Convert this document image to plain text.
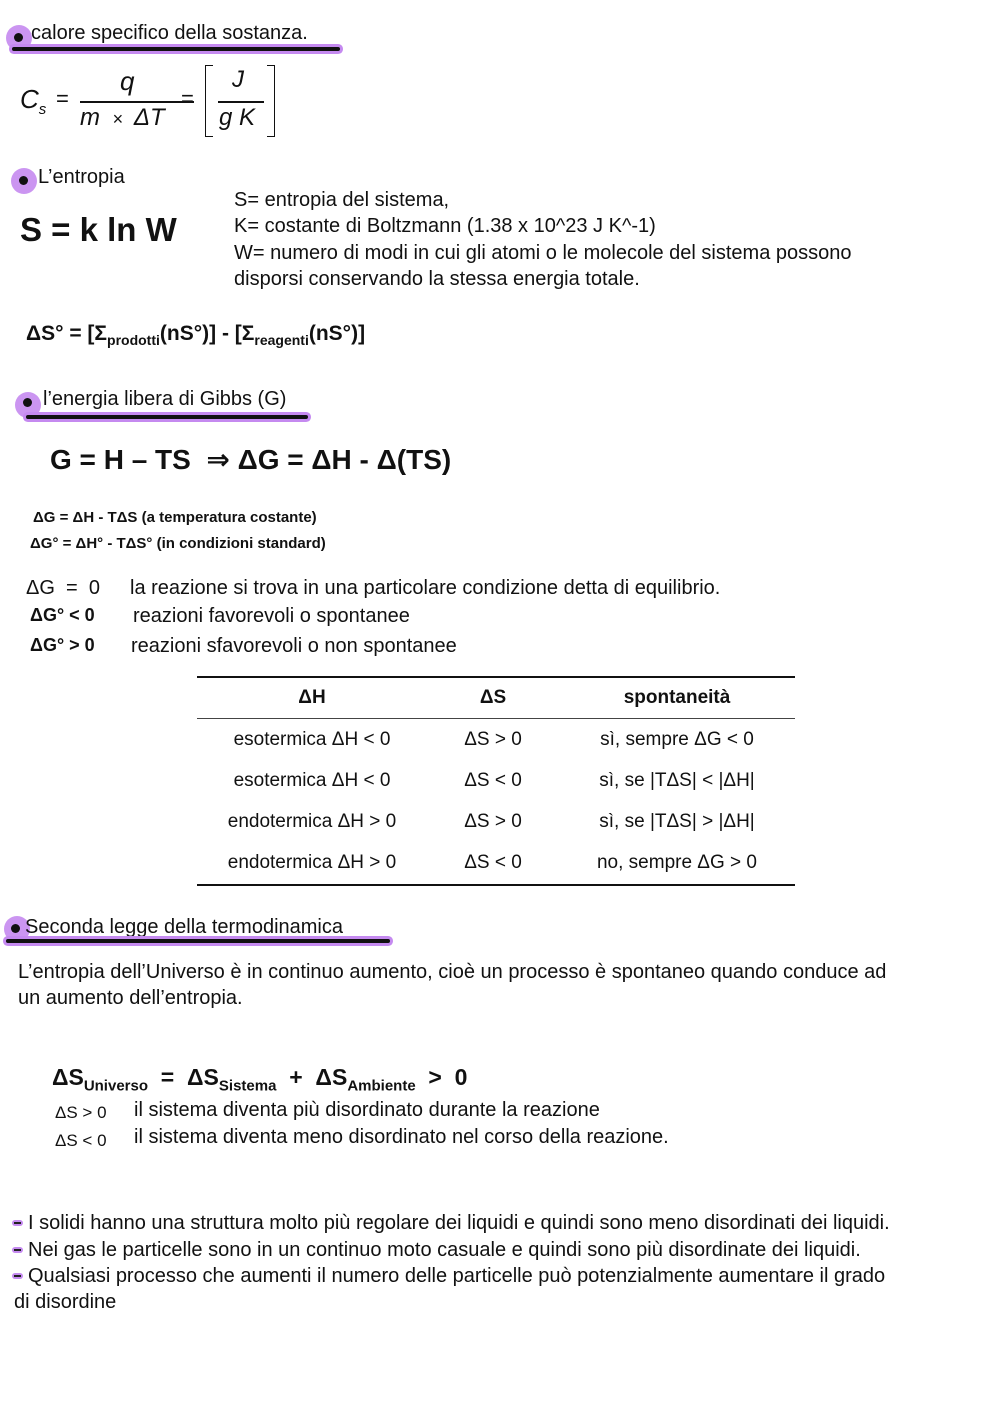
calore specifico della sostanza.
$C_s$ =
q
m × ΔT
=
J
g K
L’entropia
S = k ln W
S= entropia del sistema,
K= costante di Boltzmann (1.38 x 10^23 J K^-1)
W= numero di modi in cui gli atomi o le molecole del sistema possono
disporsi conservando la stessa energia totale.
$\Delta S^\circ = [\Sigma_{prodotti}(nS^\circ)] - [\Sigma_{reagenti}(nS^\circ)]$
l’energia libera di Gibbs (G)
G = H – TS  ⇒ ΔG = ΔH - Δ(TS)
ΔG = ΔH - TΔS (a temperatura costante)
ΔG° = ΔH° - TΔS° (in condizioni standard)
ΔG  =  0 la reazione si trova in una particolare condizione detta di equilibrio.
ΔG° < 0 reazioni favorevoli o spontanee
ΔG° > 0 reazioni sfavorevoli o non spontanee
ΔH	ΔS	spontaneità

esotermica ΔH < 0	ΔS > 0	sì, sempre ΔG < 0
esotermica ΔH < 0	ΔS < 0	sì, se |TΔS| < |ΔH|
endotermica ΔH > 0	ΔS > 0	sì, se |TΔS| > |ΔH|
endotermica ΔH > 0	ΔS < 0	no, sempre ΔG > 0
Seconda legge della termodinamica
L’entropia dell’Universo è in continuo aumento, cioè un processo è spontaneo quando conduce ad
un aumento dell’entropia.

$\Delta S_{Universo} = \Delta S_{Sistema} + \Delta S_{Ambiente} > 0$

ΔS > 0 il sistema diventa più disordinato durante la reazione
ΔS < 0 il sistema diventa meno disordinato nel corso della reazione.
I solidi hanno una struttura molto più regolare dei liquidi e quindi sono meno disordinati dei liquidi.
Nei gas le particelle sono in un continuo moto casuale e quindi sono più disordinate dei liquidi.
Qualsiasi processo che aumenti il numero delle particelle può potenzialmente aumentare il grado
di disordine
